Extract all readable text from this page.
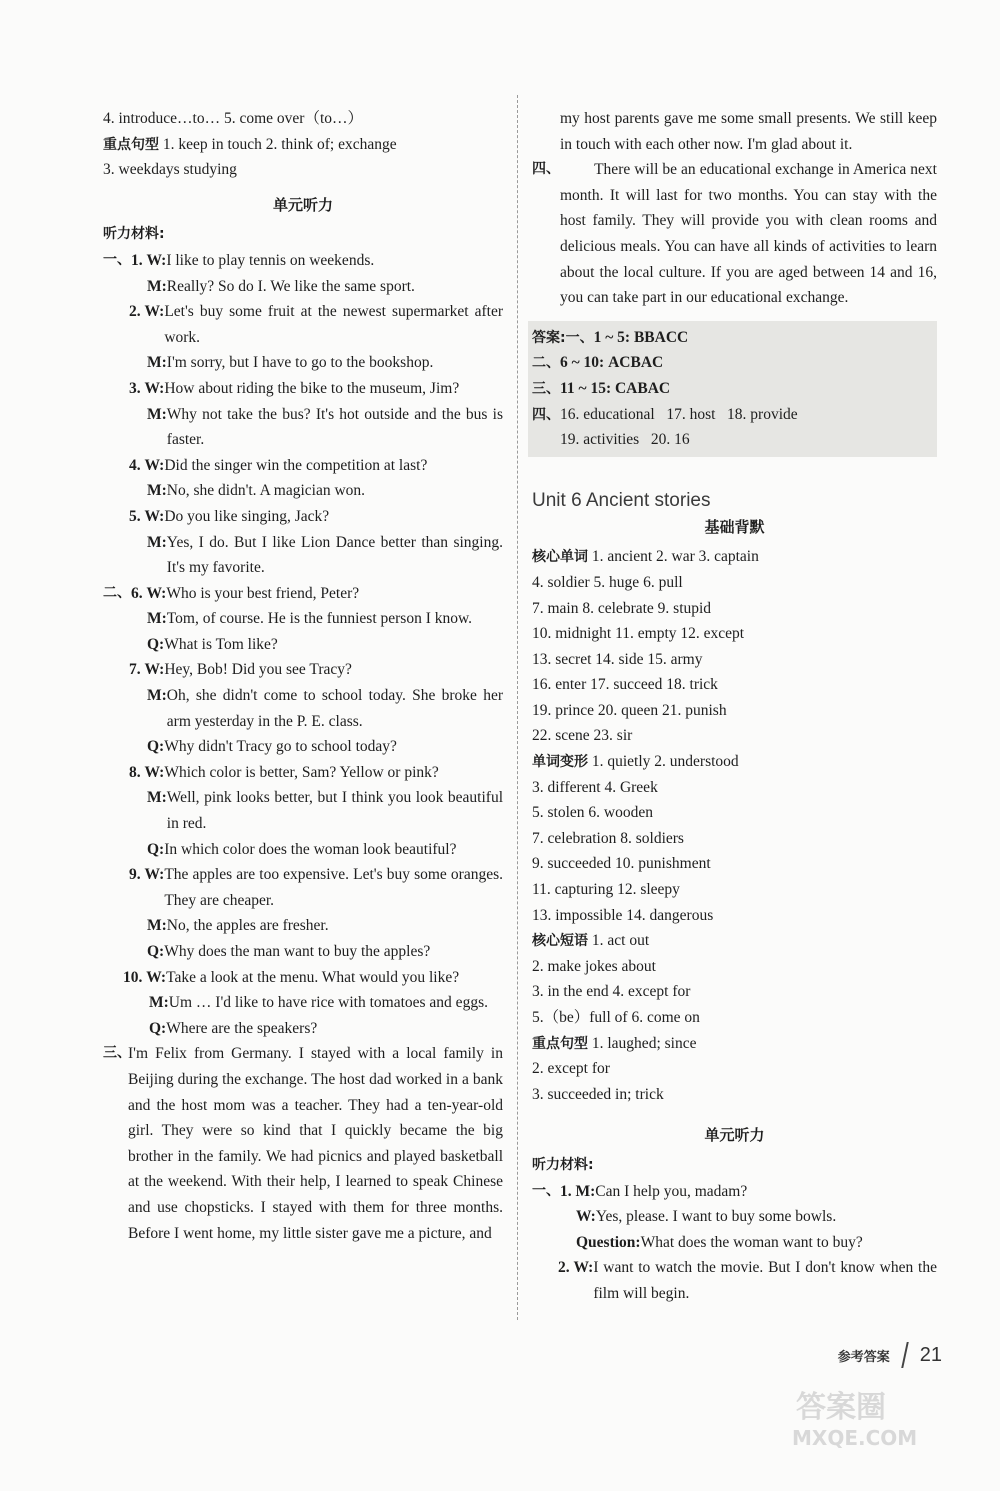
4. introduce…to… 5. come over（to…）
重点句型 1. keep in touch 2. think of; exchange
3. weekdays studying
单元听力
听力材料:
一、 1. W: I like to play tennis on weekends.
M: Really? So do I. We like the same sport.
2. W: Let's buy some fruit at the newest supermarket after work.
M: I'm sorry, but I have to go to the bookshop.
3. W: How about riding the bike to the museum, Jim?
M: Why not take the bus? It's hot outside and the bus is faster.
4. W: Did the singer win the competition at last?
M: No, she didn't. A magician won.
5. W: Do you like singing, Jack?
M: Yes, I do. But I like Lion Dance better than singing. It's my favorite.
二、 6. W: Who is your best friend, Peter?
M: Tom, of course. He is the funniest person I know.
Q: What is Tom like?
7. W: Hey, Bob! Did you see Tracy?
M: Oh, she didn't come to school today. She broke her arm yesterday in the P. E. class.
Q: Why didn't Tracy go to school today?
8. W: Which color is better, Sam? Yellow or pink?
M: Well, pink looks better, but I think you look beautiful in red.
Q: In which color does the woman look beautiful?
9. W: The apples are too expensive. Let's buy some oranges. They are cheaper.
M: No, the apples are fresher.
Q: Why does the man want to buy the apples?
10. W: Take a look at the menu. What would you like?
M: Um … I'd like to have rice with tomatoes and eggs.
Q: Where are the speakers?
三、
I'm Felix from Germany. I stayed with a local family in Beijing during the exchange. The host dad worked in a bank and the host mom was a teacher. They had a ten-year-old girl. They were so kind that I quickly became the big brother in the family. We had picnics and played basketball at the weekend. With their help, I learned to speak Chinese and use chopsticks. I stayed with them for three months. Before I went home, my little sister gave me a picture, and
my host parents gave me some small presents. We still keep in touch with each other now. I'm glad about it.
四、	There will be an educational exchange in America next month. It will last for two months. You can stay with the host family. They will provide you with clean rooms and delicious meals. You can have all kinds of activities to learn about the local culture. If you are aged between 14 and 16, you can take part in our educational exchange.
答案:一、1 ~ 5: BBACC
二、6 ~ 10: ACBAC
三、11 ~ 15: CABAC
四、16. educational 17. host 18. provide
19. activities 20. 16
Unit 6 Ancient stories
基础背默
核心单词 1. ancient 2. war 3. captain
4. soldier 5. huge 6. pull
7. main 8. celebrate 9. stupid
10. midnight 11. empty 12. except
13. secret 14. side 15. army
16. enter 17. succeed 18. trick
19. prince 20. queen 21. punish
22. scene 23. sir
单词变形 1. quietly 2. understood
3. different 4. Greek
5. stolen 6. wooden
7. celebration 8. soldiers
9. succeeded 10. punishment
11. capturing 12. sleepy
13. impossible 14. dangerous
核心短语 1. act out
2. make jokes about
3. in the end 4. except for
5.（be）full of 6. come on
重点句型 1. laughed; since
2. except for
3. succeeded in; trick
单元听力
听力材料:
一、 1. M: Can I help you, madam?
W: Yes, please. I want to buy some bowls.
Question: What does the woman want to buy?
2. W: I want to watch the movie. But I don't know when the film will begin.
参考答案 21
答案圈
MXQE.COM
